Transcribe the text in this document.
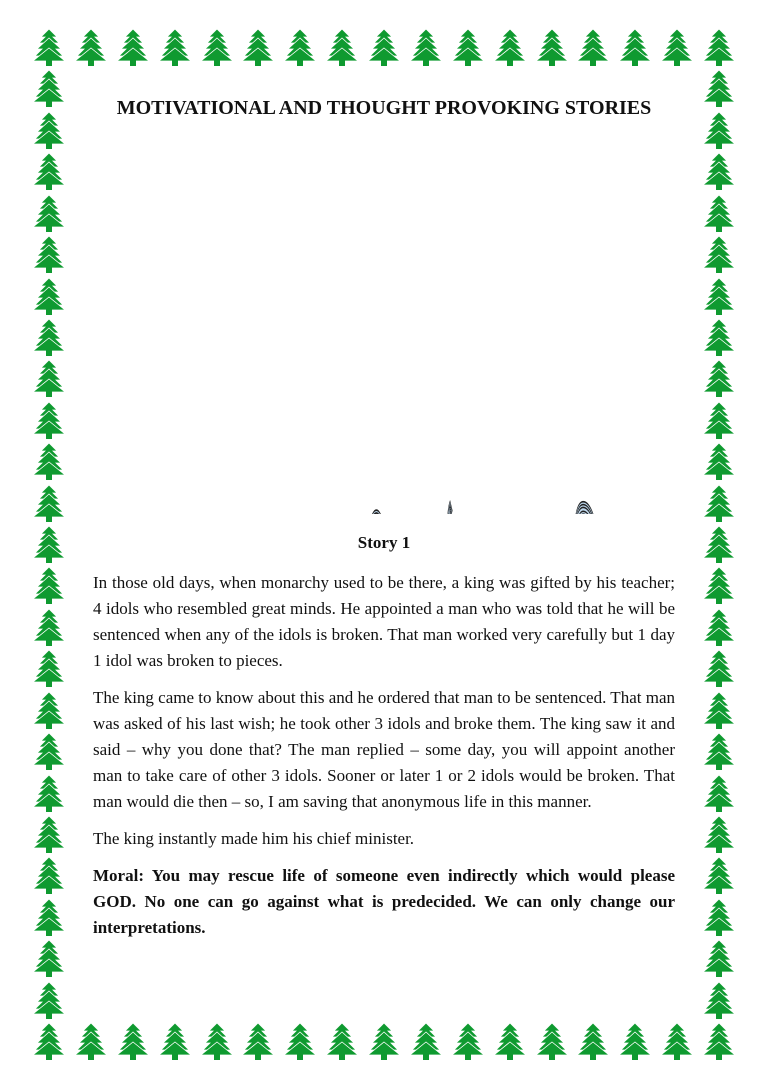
MOTIVATIONAL AND THOUGHT PROVOKING STORIES
Story 1

In those old days, when monarchy used to be there, a king was gifted by his teacher; 4 idols who resembled great minds. He appointed a man who was told that he will be sentenced when any of the idols is broken. That man worked very carefully but 1 day 1 idol was broken to pieces.

The king came to know about this and he ordered that man to be sentenced. That man was asked of his last wish; he took other 3 idols and broke them. The king saw it and said – why you done that? The man replied – some day, you will appoint another man to take care of other 3 idols. Sooner or later 1 or 2 idols would be broken. That man would die then – so, I am saving that anonymous life in this manner.

The king instantly made him his chief minister.

Moral: You may rescue life of someone even indirectly which would please GOD. No one can go against what is predecided. We can only change our interpretations.
